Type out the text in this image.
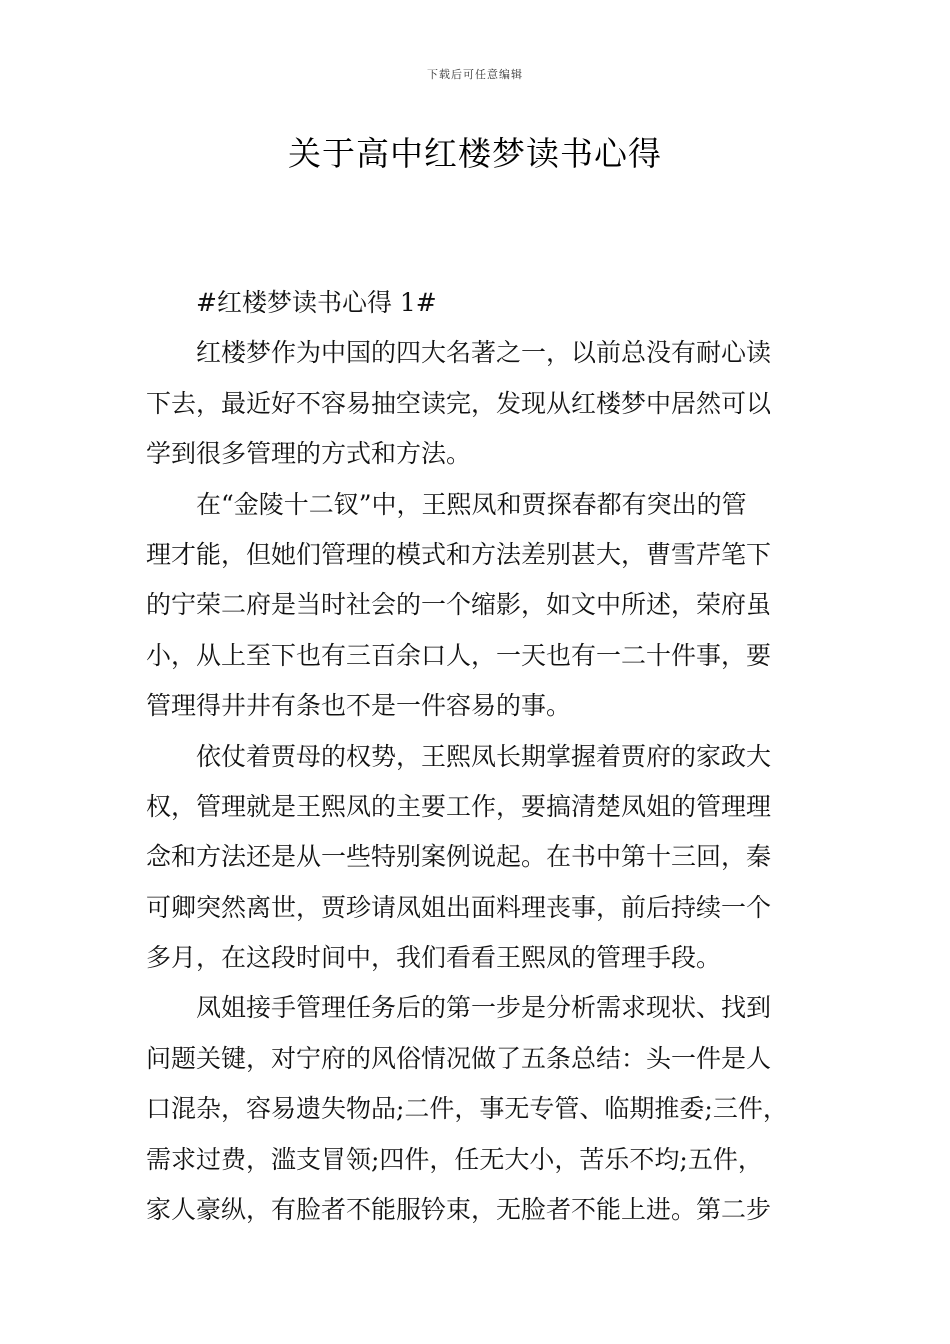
下载后可任意编辑
关于高中红楼梦读书心得
#红楼梦读书心得 1#
红楼梦作为中国的四大名著之一，以前总没有耐心读
下去，最近好不容易抽空读完，发现从红楼梦中居然可以
学到很多管理的方式和方法。
在“金陵十二钗”中，王熙凤和贾探春都有突出的管
理才能，但她们管理的模式和方法差别甚大，曹雪芹笔下
的宁荣二府是当时社会的一个缩影，如文中所述，荣府虽
小，从上至下也有三百余口人，一天也有一二十件事，要
管理得井井有条也不是一件容易的事。
依仗着贾母的权势，王熙凤长期掌握着贾府的家政大
权，管理就是王熙凤的主要工作，要搞清楚凤姐的管理理
念和方法还是从一些特别案例说起。在书中第十三回，秦
可卿突然离世，贾珍请凤姐出面料理丧事，前后持续一个
多月，在这段时间中，我们看看王熙凤的管理手段。
凤姐接手管理任务后的第一步是分析需求现状、找到
问题关键，对宁府的风俗情况做了五条总结：头一件是人
口混杂，容易遗失物品;二件，事无专管、临期推委;三件，
需求过费，滥支冒领;四件，任无大小，苦乐不均;五件，
家人豪纵，有脸者不能服钤束，无脸者不能上进。第二步
